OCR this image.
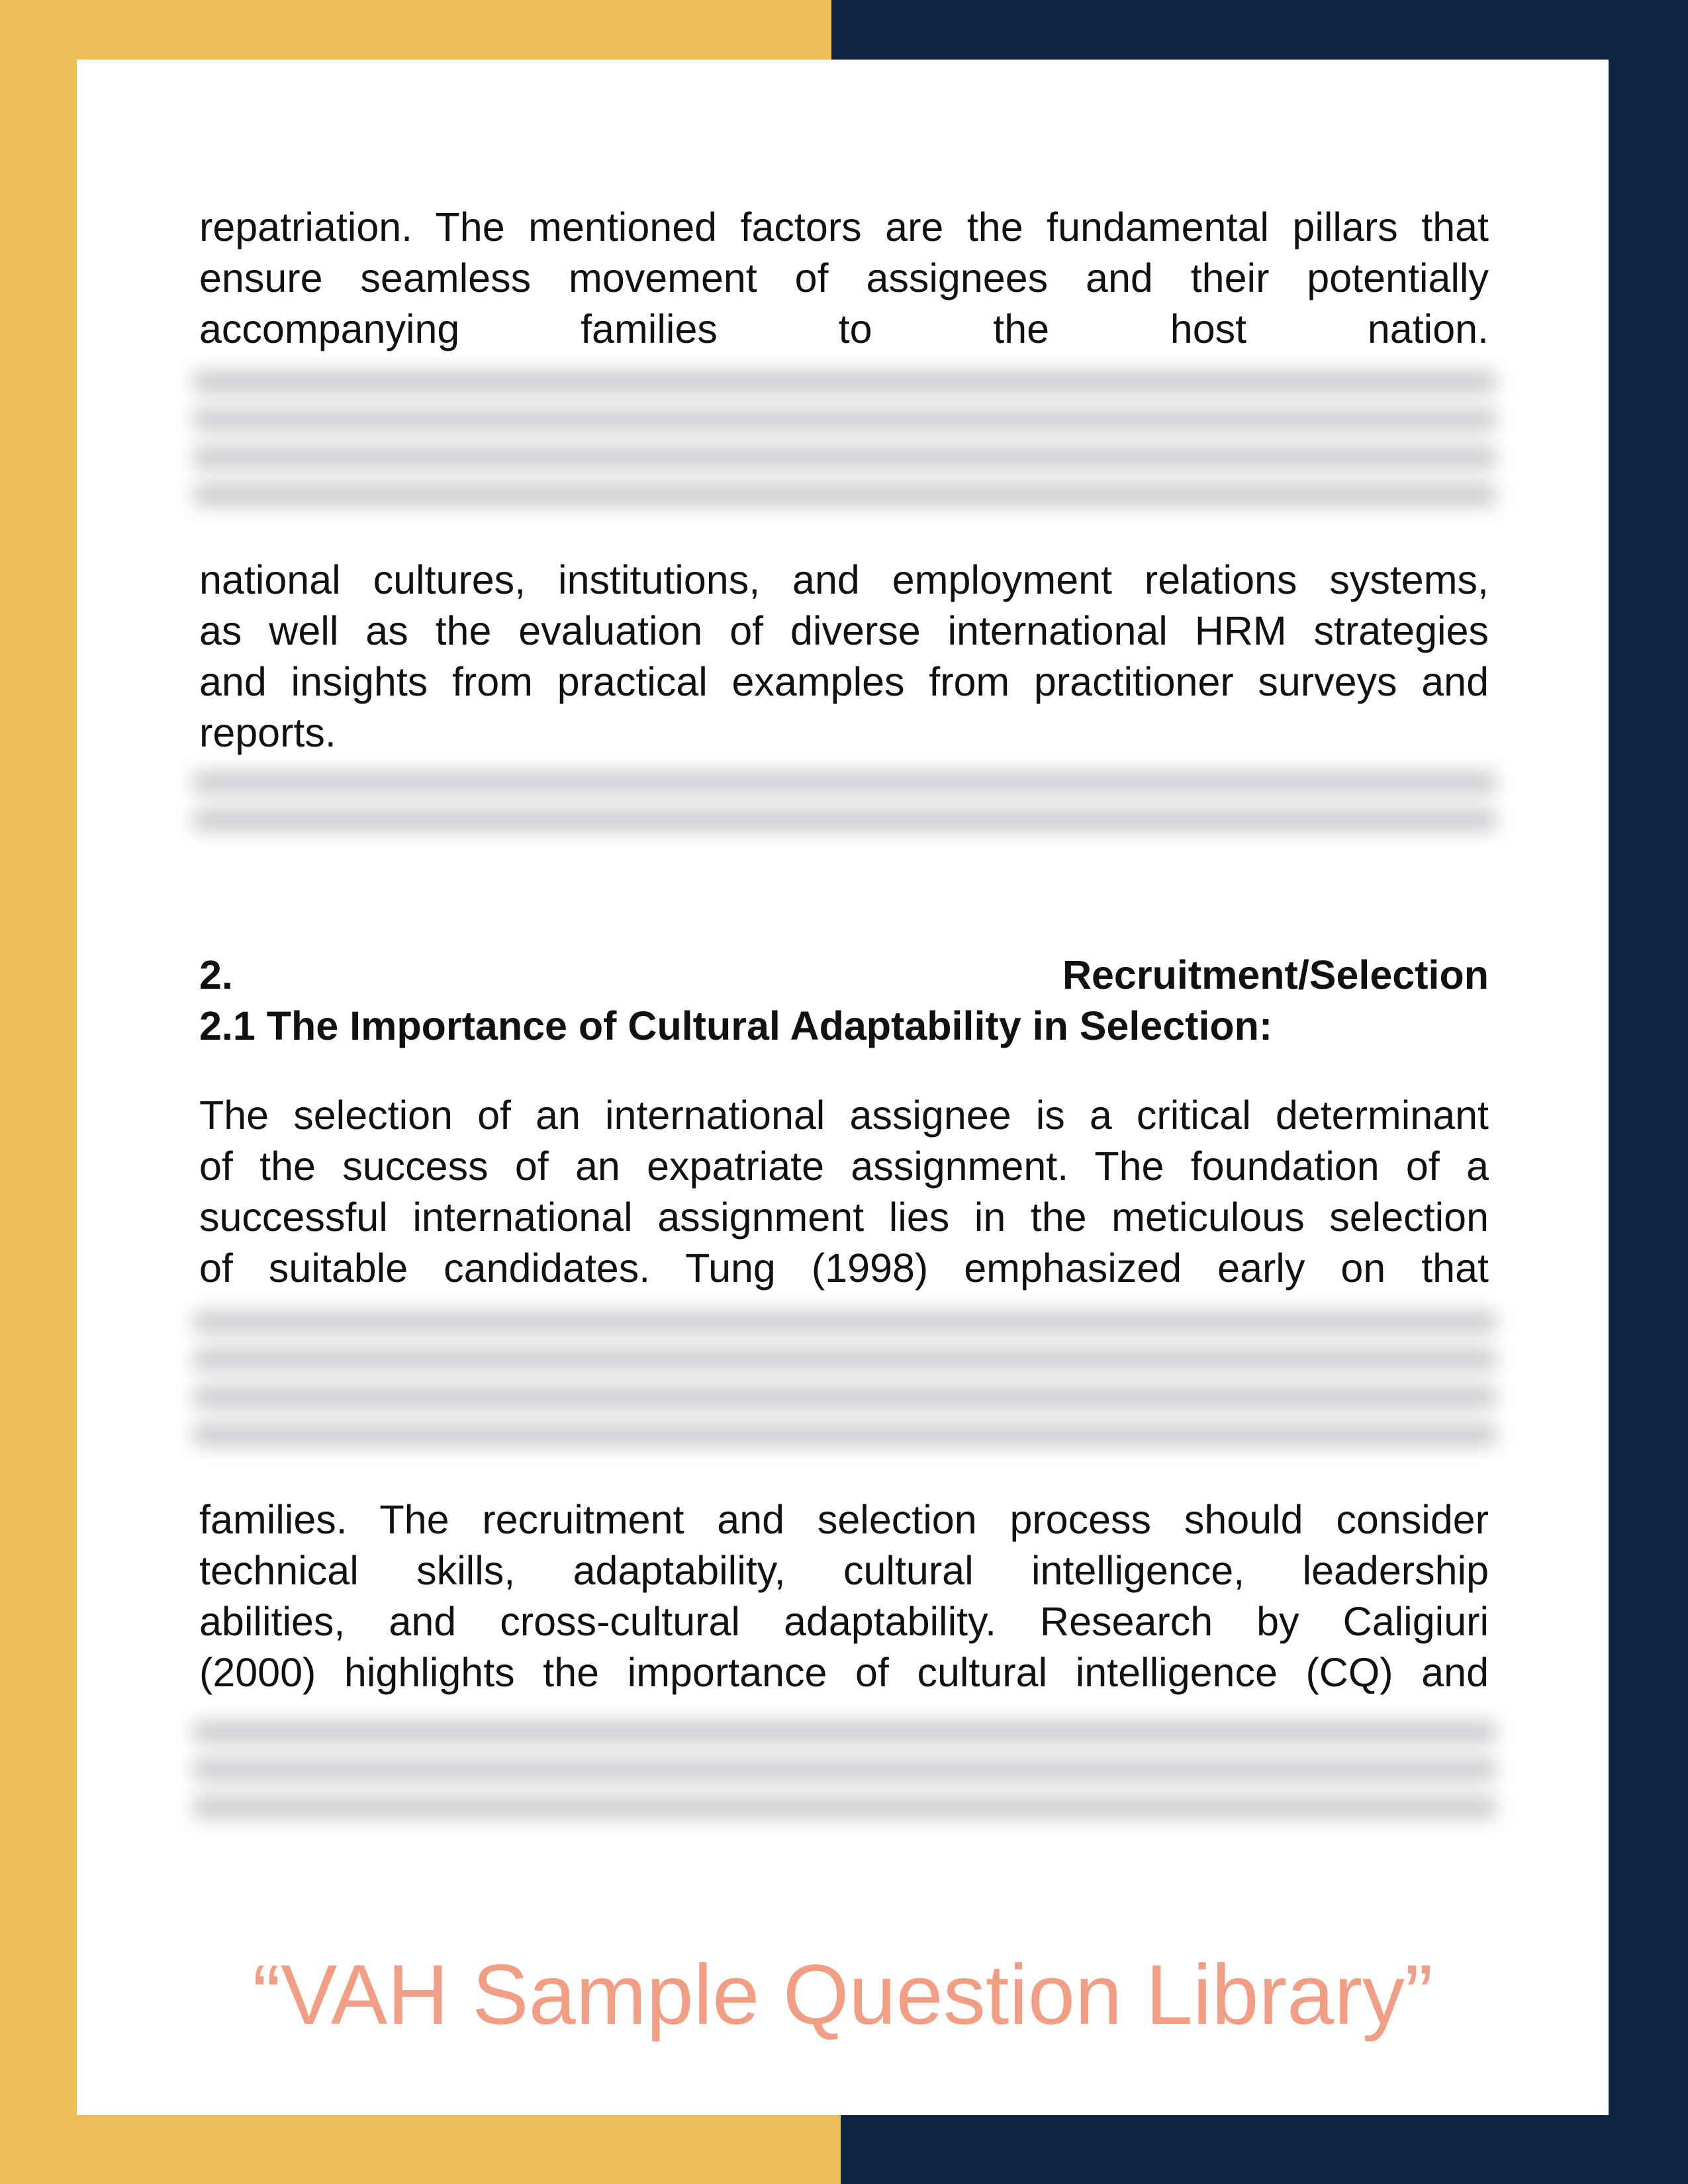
repatriation. The mentioned factors are the fundamental pillars that
ensure seamless movement of assignees and their potentially
accompanying families to the host nation.
national cultures, institutions, and employment relations systems,
as well as the evaluation of diverse international HRM strategies
and insights from practical examples from practitioner surveys and
reports.
2.	Recruitment/Selection
2.1 The Importance of Cultural Adaptability in Selection:
The selection of an international assignee is a critical determinant
of the success of an expatriate assignment. The foundation of a
successful international assignment lies in the meticulous selection
of suitable candidates. Tung (1998) emphasized early on that
families. The recruitment and selection process should consider
technical skills, adaptability, cultural intelligence, leadership
abilities, and cross-cultural adaptability. Research by Caligiuri
(2000) highlights the importance of cultural intelligence (CQ) and
“VAH Sample Question Library”
